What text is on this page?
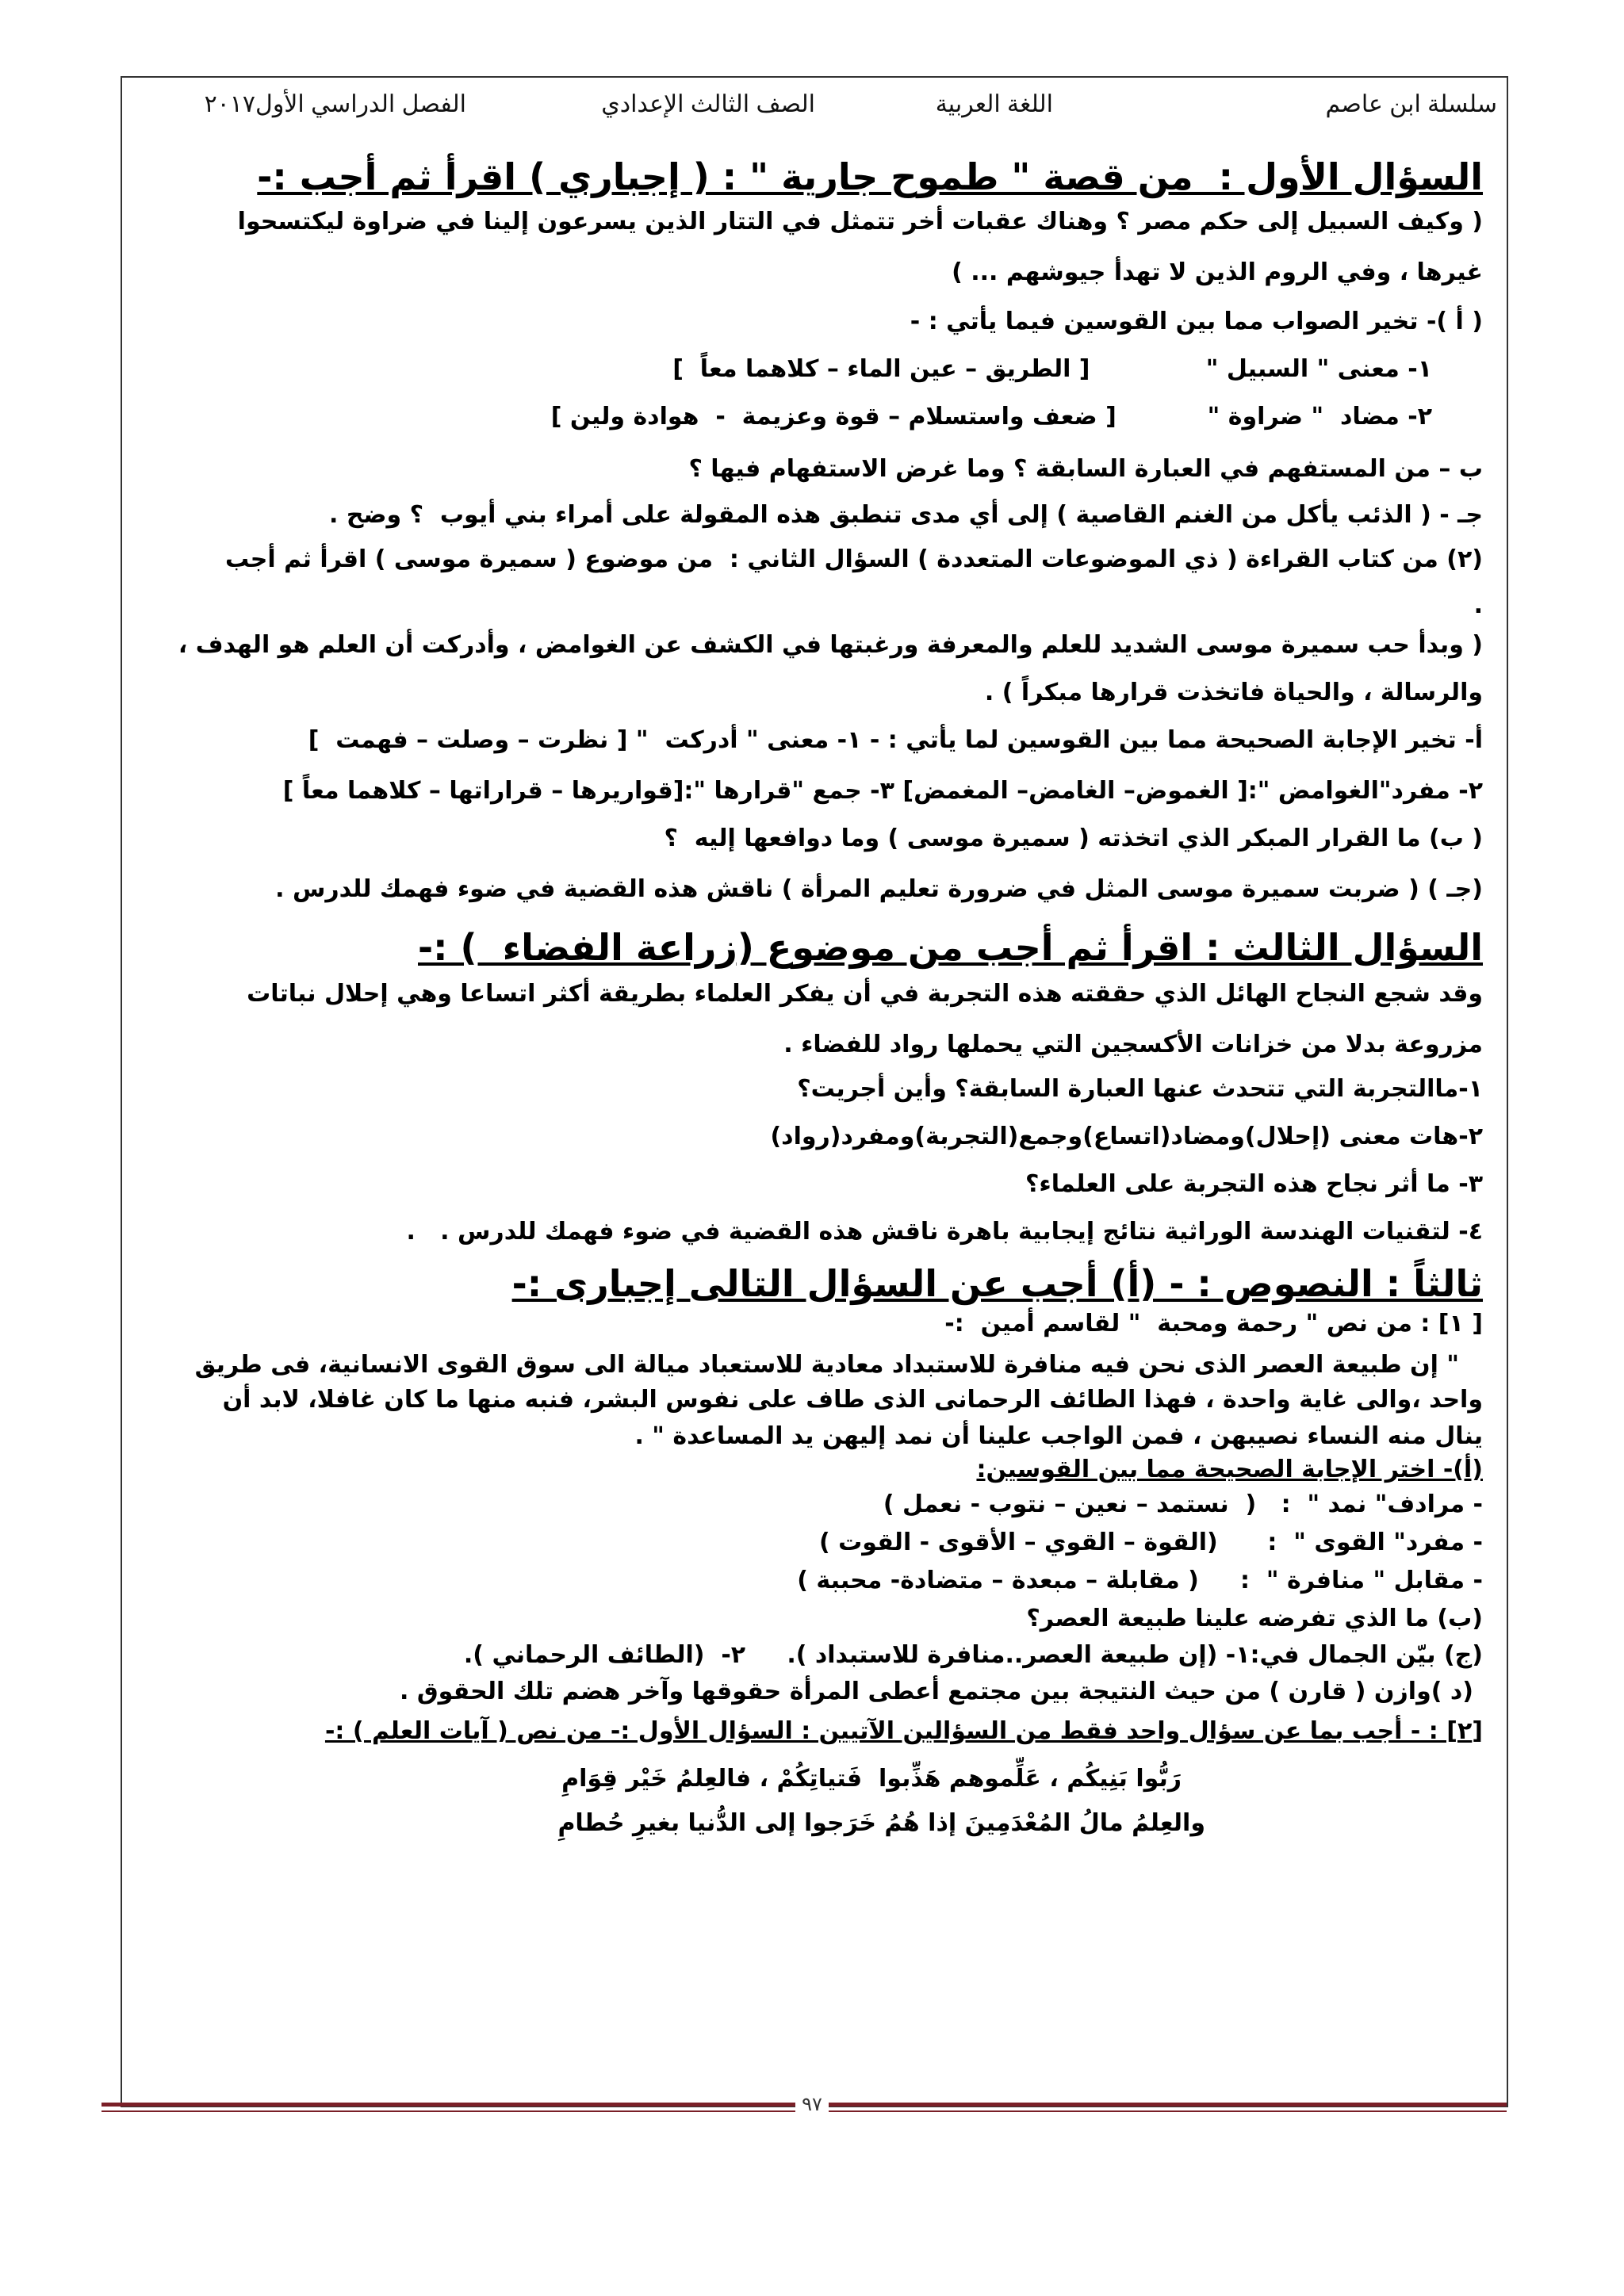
سلسلة ابن عاصم
اللغة العربية
الصف الثالث الإعدادي
الفصل الدراسي الأول٢٠١٧
السؤال الأول :  من قصة " طموح جارية " : ( إجباري ) اقرأ ثم أجب :-
( وكيف السبيل إلى حكم مصر ؟ وهناك عقبات أخر تتمثل في التتار الذين يسرعون إلينا في ضراوة ليكتسحوا
غيرها ، وفي الروم الذين لا تهدأ جيوشهم ... )
( أ )- تخير الصواب مما بين القوسين فيما يأتي : -
١- معنى " السبيل "              [ الطريق – عين الماء – كلاهما معاً  ]
٢- مضاد  " ضراوة "           [ ضعف واستسلام – قوة وعزيمة  -  هوادة ولين ]
ب – من المستفهم في العبارة السابقة ؟ وما غرض الاستفهام فيها ؟
جـ - ( الذئب يأكل من الغنم القاصية ) إلى أي مدى تنطبق هذه المقولة على أمراء بني أيوب  ؟ وضح .
(٢) من كتاب القراءة ( ذي الموضوعات المتعددة ) السؤال الثاني :  من موضوع ( سميرة موسى ) اقرأ ثم أجب
.
( وبدأ حب سميرة موسى الشديد للعلم والمعرفة ورغبتها في الكشف عن الغوامض ، وأدركت أن العلم هو الهدف ،
والرسالة ، والحياة فاتخذت قرارها مبكراً ) .
أ- تخير الإجابة الصحيحة مما بين القوسين لما يأتي : - ١- معنى " أدركت  " [ نظرت – وصلت – فهمت  ]
٢- مفرد"الغوامض ":[ الغموض– الغامض– المغمض] ٣- جمع "قرارها ":[قواريرها – قراراتها – كلاهما معاً ]
( ب) ما القرار المبكر الذي اتخذته ( سميرة موسى ) وما دوافعها إليه  ؟
(جـ ) ( ضربت سميرة موسى المثل في ضرورة تعليم المرأة ) ناقش هذه القضية في ضوء فهمك للدرس .
السؤال الثالث : اقرأ ثم أجب من موضوع (زراعة الفضاء  ) :-
وقد شجع النجاح الهائل الذي حققته هذه التجربة في أن يفكر العلماء بطريقة أكثر اتساعا وهي إحلال نباتات
مزروعة بدلا من خزانات الأكسجين التي يحملها رواد للفضاء .
١-ماالتجربة التي تتحدث عنها العبارة السابقة؟ وأين أجريت؟
٢-هات معنى (إحلال)ومضاد(اتساع)وجمع(التجربة)ومفرد(رواد)
٣- ما أثر نجاح هذه التجربة على العلماء؟
٤- لتقنيات الهندسة الوراثية نتائج إيجابية باهرة ناقش هذه القضية في ضوء فهمك للدرس .   .
ثالثاً : النصوص : - (أ) أجب عن السؤال التالى إجبارى :-
[ ١] : من نص " رحمة ومحبة  " لقاسم أمين  :-
" إن طبيعة العصر الذى نحن فيه منافرة للاستبداد معادية للاستعباد ميالة الى سوق القوى الانسانية، فى طريق
واحد ،والى غاية واحدة ، فهذا الطائف الرحمانى الذى طاف على نفوس البشر، فنبه منها ما كان غافلا، لابد أن
ينال منه النساء نصيبهن ، فمن الواجب علينا أن نمد إليهن يد المساعدة " .
(أ)- اختر الإجابة الصحيحة مما بين القوسين:
- مرادف" نمد "  :   (  نستمد – نعين – نتوب - نعمل )
- مفرد" القوى "  :      (القوة – القوي – الأقوى - القوت )
- مقابل " منافرة "  :     ( مقابلة – مبعدة – متضادة- محببة )
(ب) ما الذي تفرضه علينا طبيعة العصر؟
(ج) بيّن الجمال في:١- (إن طبيعة العصر..منافرة للاستبداد ).     ٢-  (الطائف الرحماني ).
(د )وازن ( قارن ) من حيث النتيجة بين مجتمع أعطى المرأة حقوقها وآخر هضم تلك الحقوق .
[٢] : - أجب بما عن سؤال واحد فقط من السؤالين الآتيين : السؤال الأول :- من نص ( آيات العلم ) :-
رَبُّوا بَنِيكُم ، عَلِّموهم هَذِّبوا  فَتياتِكُمْ ، فالعِلمُ خَيْر قِوَامِ
والعِلمُ مالُ المُعْدَمِينَ إذا هُمُ خَرَجوا إلى الدُّنيا بغيرِ حُطامِ
٩٧
